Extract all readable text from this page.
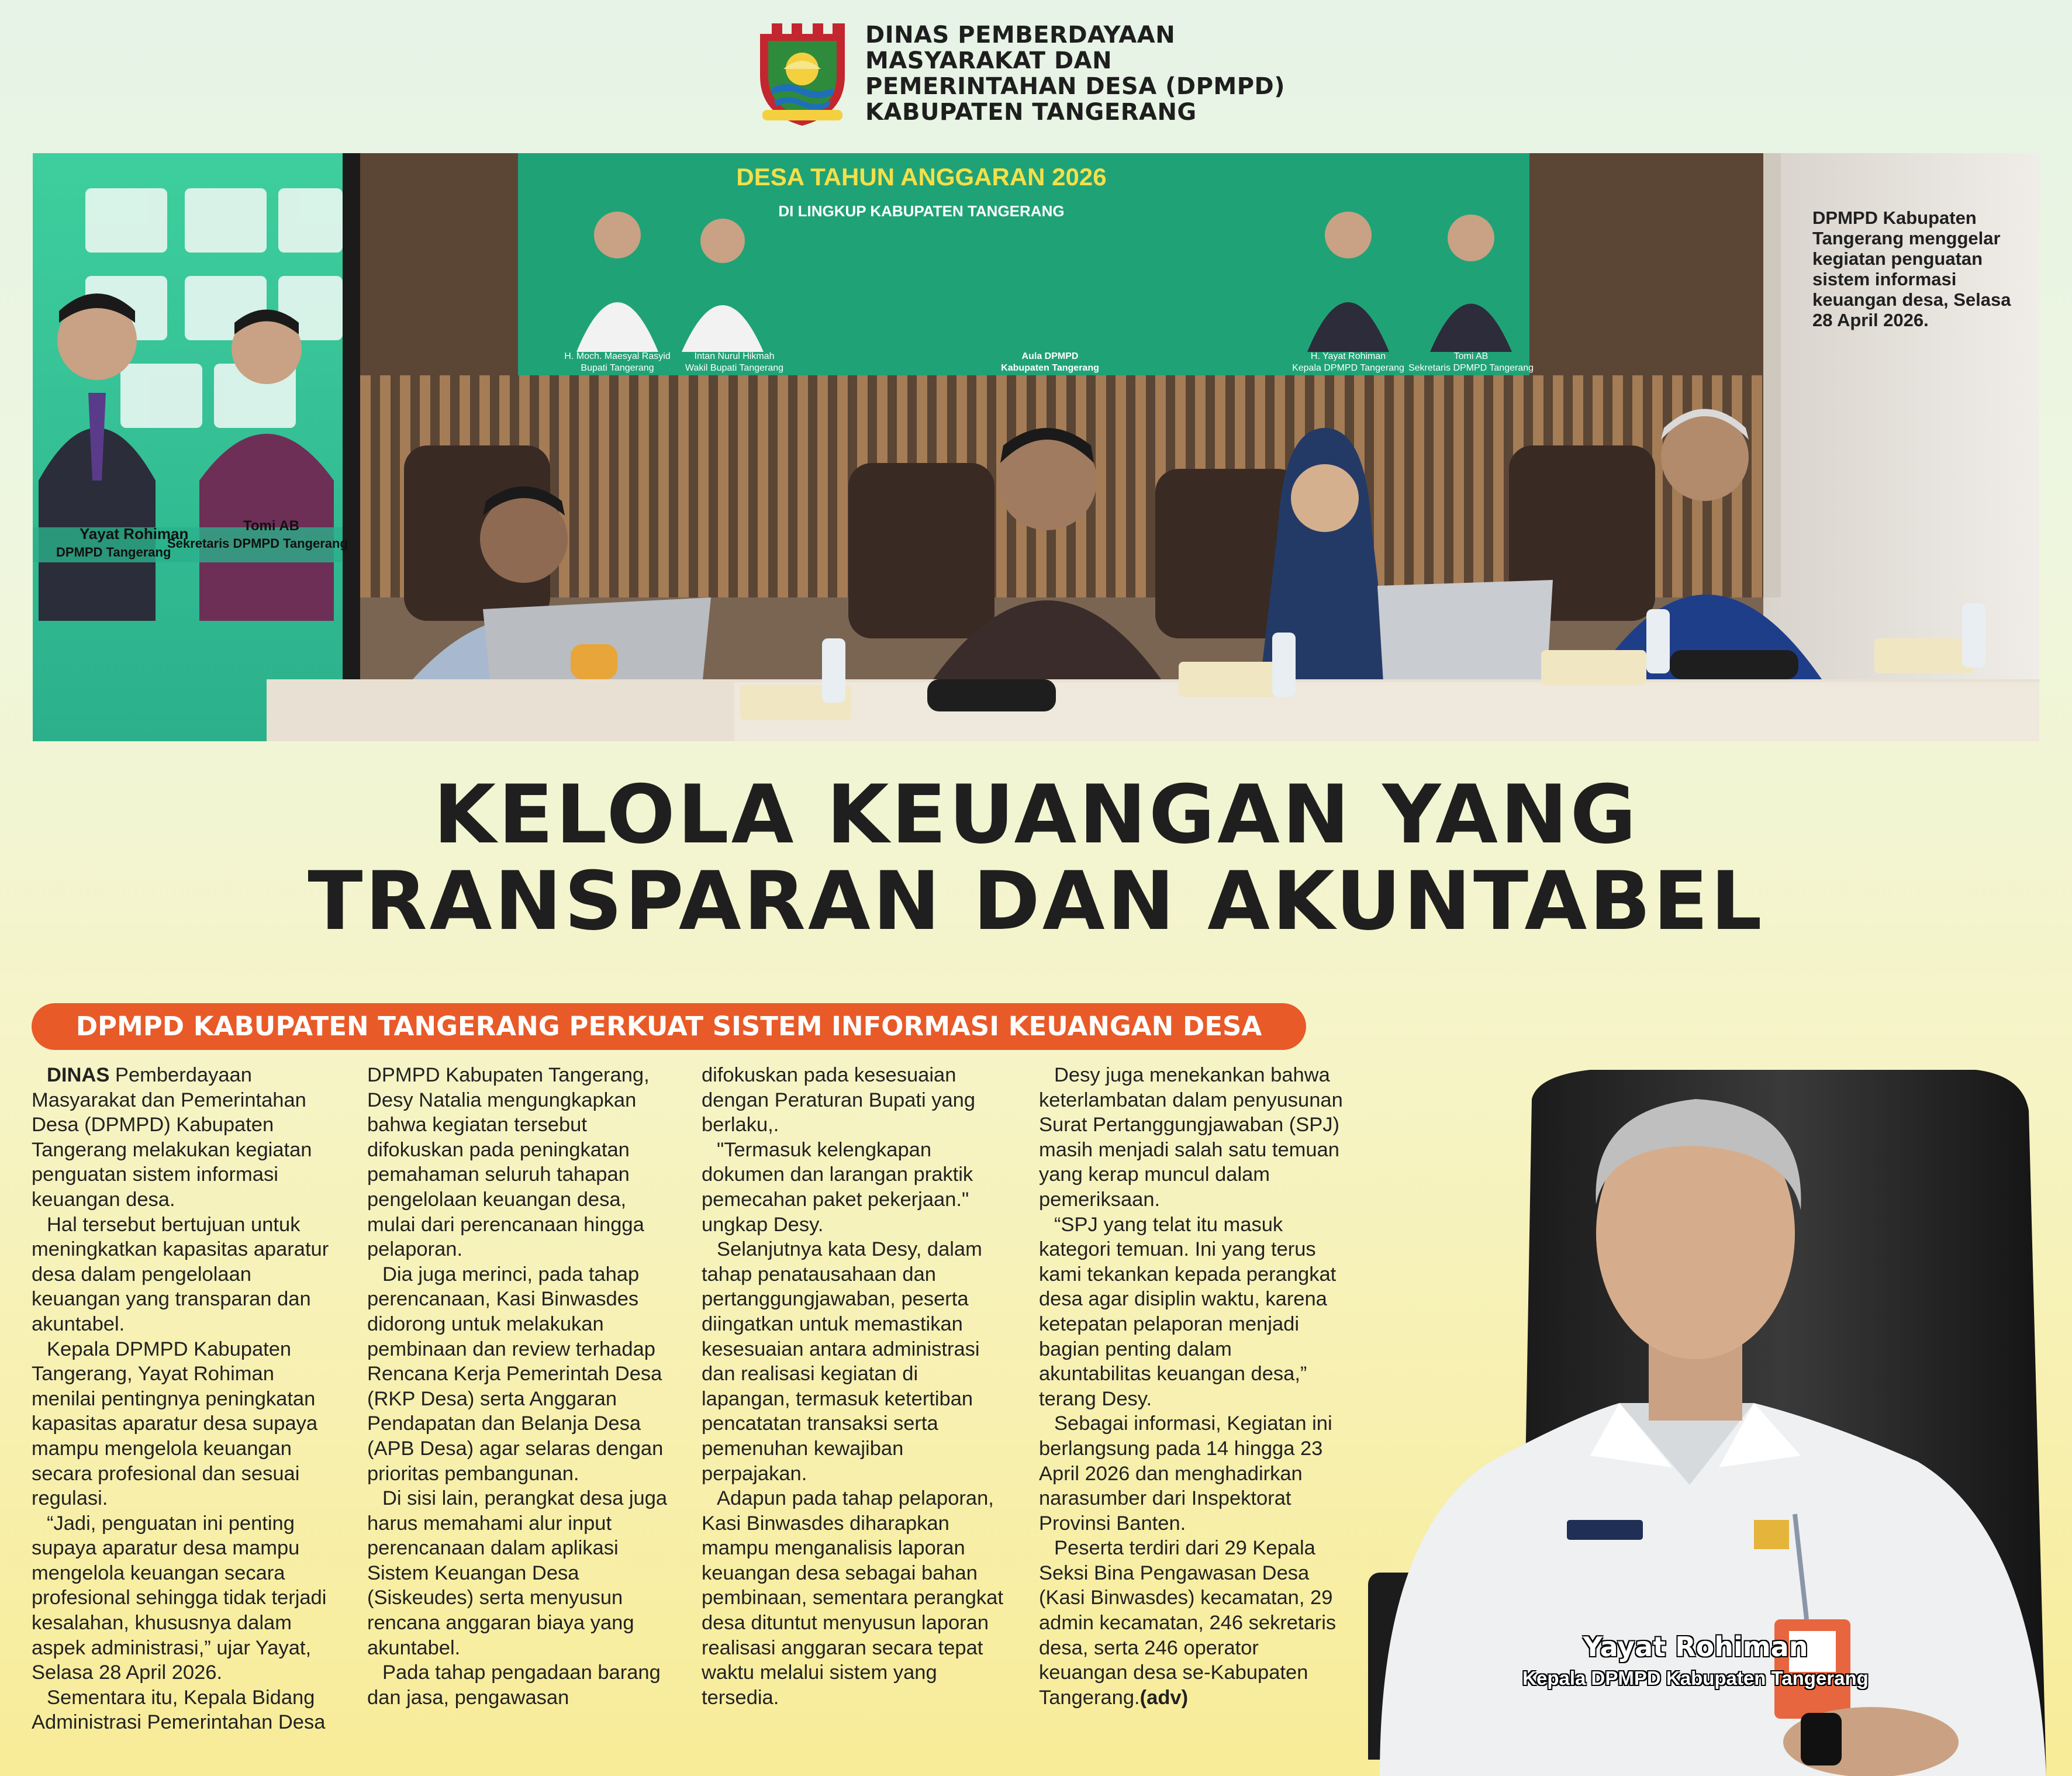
DINAS PEMBERDAYAAN
MASYARAKAT DAN
PEMERINTAHAN DESA (DPMPD)
KABUPATEN TANGERANG
Yayat Rohiman
DPMPD Tangerang
Tomi AB
Sekretaris DPMPD Tangerang
DESA TAHUN ANGGARAN 2026
DI LINGKUP KABUPATEN TANGERANG
H. Moch. Maesyal Rasyid
Bupati Tangerang
Intan Nurul Hikmah
Wakil Bupati Tangerang
Aula DPMPD
Kabupaten Tangerang
H. Yayat Rohiman
Kepala DPMPD Tangerang
Tomi AB
Sekretaris DPMPD Tangerang
DPMPD Kabupaten Tangerang menggelar kegiatan penguatan sistem informasi keuangan desa, Selasa 28 April 2026.
KELOLA KEUANGAN YANG
TRANSPARAN DAN AKUNTABEL
DPMPD KABUPATEN TANGERANG PERKUAT SISTEM INFORMASI KEUANGAN DESA

DINAS Pemberdayaan Masyarakat dan Pemerintahan Desa (DPMPD) Kabupaten Tangerang melakukan kegiatan penguatan sistem informasi keuangan desa.

Hal tersebut bertujuan untuk meningkatkan kapasitas aparatur desa dalam pengelolaan keuangan yang transparan dan akuntabel.

Kepala DPMPD Kabupaten Tangerang, Yayat Rohiman menilai pentingnya peningkatan kapasitas aparatur desa supaya mampu mengelola keuangan secara profesional dan sesuai regulasi.

“Jadi, penguatan ini penting supaya aparatur desa mampu mengelola keuangan secara profesional sehingga tidak terjadi kesalahan, khususnya dalam aspek administrasi,” ujar Yayat, Selasa 28 April 2026.

Sementara itu, Kepala Bidang Administrasi Pemerintahan Desa

DPMPD Kabupaten Tangerang, Desy Natalia mengungkapkan bahwa kegiatan tersebut difokuskan pada peningkatan pemahaman seluruh tahapan pengelolaan keuangan desa, mulai dari perencanaan hingga pelaporan.

Dia juga merinci, pada tahap perencanaan, Kasi Binwasdes didorong untuk melakukan pembinaan dan review terhadap Rencana Kerja Pemerintah Desa (RKP Desa) serta Anggaran Pendapatan dan Belanja Desa (APB Desa) agar selaras dengan prioritas pembangunan.

Di sisi lain, perangkat desa juga harus memahami alur input perencanaan dalam aplikasi Sistem Keuangan Desa (Siskeudes) serta menyusun rencana anggaran biaya yang akuntabel.

Pada tahap pengadaan barang dan jasa, pengawasan

difokuskan pada kesesuaian dengan Peraturan Bupati yang berlaku,.

"Termasuk kelengkapan dokumen dan larangan praktik pemecahan paket pekerjaan." ungkap Desy.

Selanjutnya kata Desy, dalam tahap penatausahaan dan pertanggungjawaban, peserta diingatkan untuk memastikan kesesuaian antara administrasi dan realisasi kegiatan di lapangan, termasuk ketertiban pencatatan transaksi serta pemenuhan kewajiban perpajakan.

Adapun pada tahap pelaporan, Kasi Binwasdes diharapkan mampu menganalisis laporan keuangan desa sebagai bahan pembinaan, sementara perangkat desa dituntut menyusun laporan realisasi anggaran secara tepat waktu melalui sistem yang tersedia.

Desy juga menekankan bahwa keterlambatan dalam penyusunan Surat Pertanggungjawaban (SPJ) masih menjadi salah satu temuan yang kerap muncul dalam pemeriksaan.

“SPJ yang telat itu masuk kategori temuan. Ini yang terus kami tekankan kepada perangkat desa agar disiplin waktu, karena ketepatan pelaporan menjadi bagian penting dalam akuntabilitas keuangan desa,” terang Desy.

Sebagai informasi, Kegiatan ini berlangsung pada 14 hingga 23 April 2026 dan menghadirkan narasumber dari Inspektorat Provinsi Banten.

Peserta terdiri dari 29 Kepala Seksi Bina Pengawasan Desa (Kasi Binwasdes) kecamatan, 29 admin kecamatan, 246 sekretaris desa, serta 246 operator keuangan desa se-Kabupaten Tangerang.(adv)

Yayat Rohiman
Kepala DPMPD Kabupaten Tangerang
